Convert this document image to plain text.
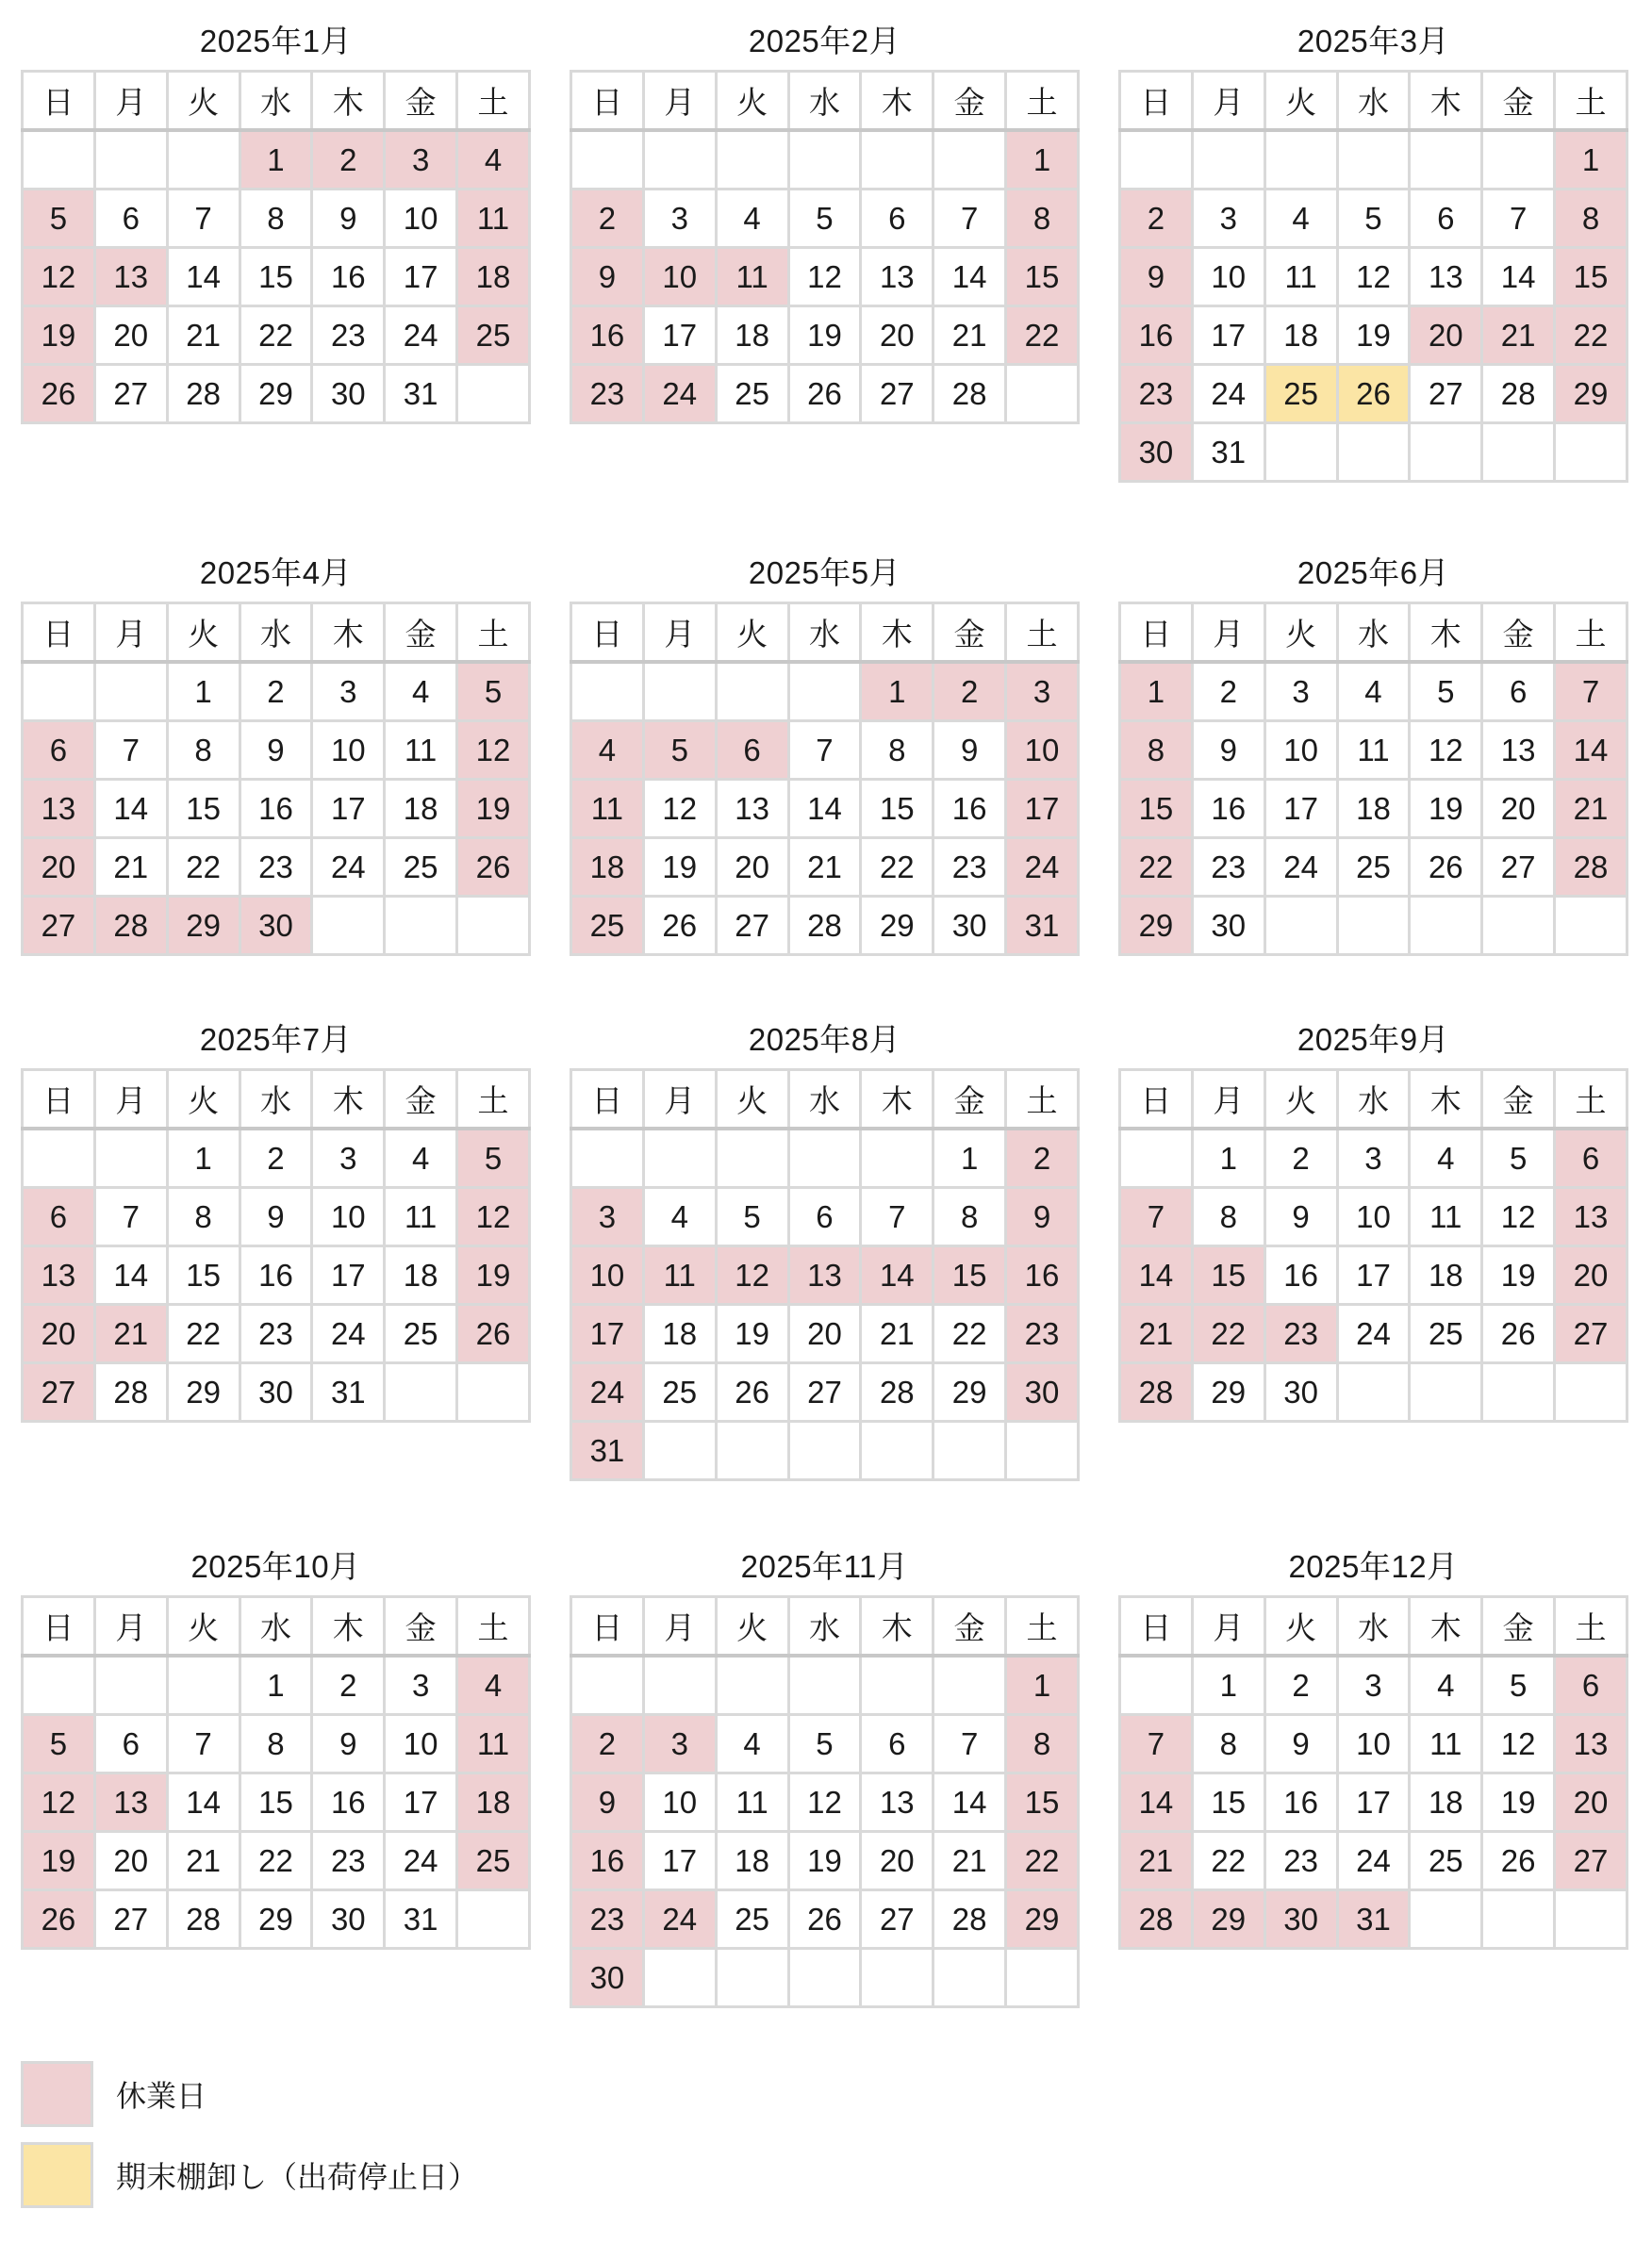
2025年1月
日	月	火	水	木	金	土
			1	2	3	4
5	6	7	8	9	10	11
12	13	14	15	16	17	18
19	20	21	22	23	24	25
26	27	28	29	30	31	
2025年2月
日	月	火	水	木	金	土
						1
2	3	4	5	6	7	8
9	10	11	12	13	14	15
16	17	18	19	20	21	22
23	24	25	26	27	28	
2025年3月
日	月	火	水	木	金	土
						1
2	3	4	5	6	7	8
9	10	11	12	13	14	15
16	17	18	19	20	21	22
23	24	25	26	27	28	29
30	31					
2025年4月
日	月	火	水	木	金	土
		1	2	3	4	5
6	7	8	9	10	11	12
13	14	15	16	17	18	19
20	21	22	23	24	25	26
27	28	29	30			
2025年5月
日	月	火	水	木	金	土
				1	2	3
4	5	6	7	8	9	10
11	12	13	14	15	16	17
18	19	20	21	22	23	24
25	26	27	28	29	30	31
2025年6月
日	月	火	水	木	金	土
1	2	3	4	5	6	7
8	9	10	11	12	13	14
15	16	17	18	19	20	21
22	23	24	25	26	27	28
29	30					
2025年7月
日	月	火	水	木	金	土
		1	2	3	4	5
6	7	8	9	10	11	12
13	14	15	16	17	18	19
20	21	22	23	24	25	26
27	28	29	30	31		
2025年8月
日	月	火	水	木	金	土
					1	2
3	4	5	6	7	8	9
10	11	12	13	14	15	16
17	18	19	20	21	22	23
24	25	26	27	28	29	30
31						
2025年9月
日	月	火	水	木	金	土
	1	2	3	4	5	6
7	8	9	10	11	12	13
14	15	16	17	18	19	20
21	22	23	24	25	26	27
28	29	30				
2025年10月
日	月	火	水	木	金	土
			1	2	3	4
5	6	7	8	9	10	11
12	13	14	15	16	17	18
19	20	21	22	23	24	25
26	27	28	29	30	31	
2025年11月
日	月	火	水	木	金	土
						1
2	3	4	5	6	7	8
9	10	11	12	13	14	15
16	17	18	19	20	21	22
23	24	25	26	27	28	29
30						
2025年12月
日	月	火	水	木	金	土
	1	2	3	4	5	6
7	8	9	10	11	12	13
14	15	16	17	18	19	20
21	22	23	24	25	26	27
28	29	30	31			
休業日
期末棚卸し（出荷停止日）
